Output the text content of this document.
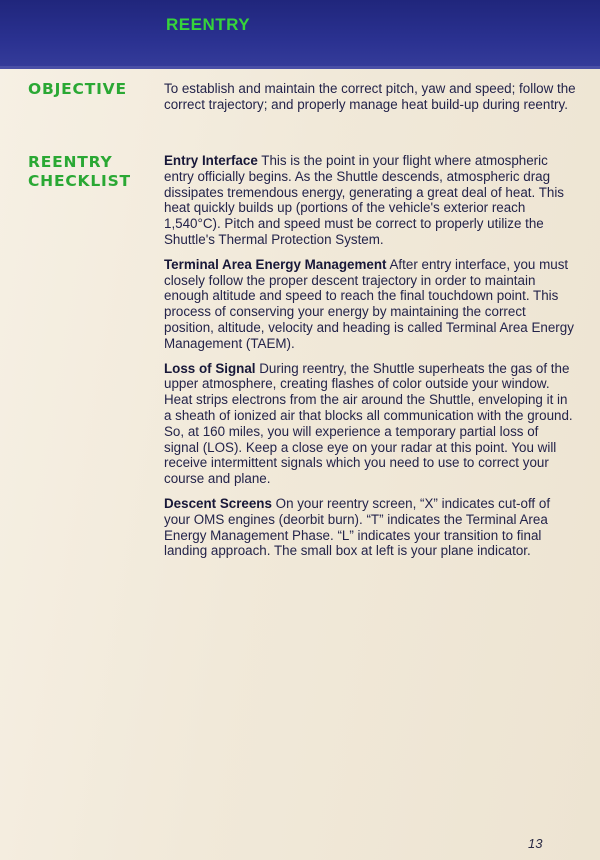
REENTRY
OBJECTIVE	To establish and maintain the correct pitch, yaw and speed; follow the correct trajectory; and properly manage heat build-up during reentry.

REENTRY
CHECKLIST

Entry Interface This is the point in your flight where atmospheric entry officially begins. As the Shuttle descends, atmospheric drag dissipates tremendous energy, generating a great deal of heat. This heat quickly builds up (portions of the vehicle's exterior reach 1,540°C). Pitch and speed must be correct to properly utilize the Shuttle's Thermal Protection System.

Terminal Area Energy Management After entry interface, you must closely follow the proper descent trajectory in order to maintain enough altitude and speed to reach the final touchdown point. This process of conserving your energy by maintaining the correct position, altitude, velocity and heading is called Terminal Area Energy Management (TAEM).

Loss of Signal During reentry, the Shuttle superheats the gas of the upper atmosphere, creating flashes of color outside your window. Heat strips electrons from the air around the Shuttle, enveloping it in a sheath of ionized air that blocks all communication with the ground. So, at 160 miles, you will experience a temporary partial loss of signal (LOS). Keep a close eye on your radar at this point. You will receive intermittent signals which you need to use to correct your course and plane.

Descent Screens On your reentry screen, “X” indicates cut-off of your OMS engines (deorbit burn). “T” indicates the Terminal Area Energy Management Phase. “L” indicates your transition to final landing approach. The small box at left is your plane indicator.

13
